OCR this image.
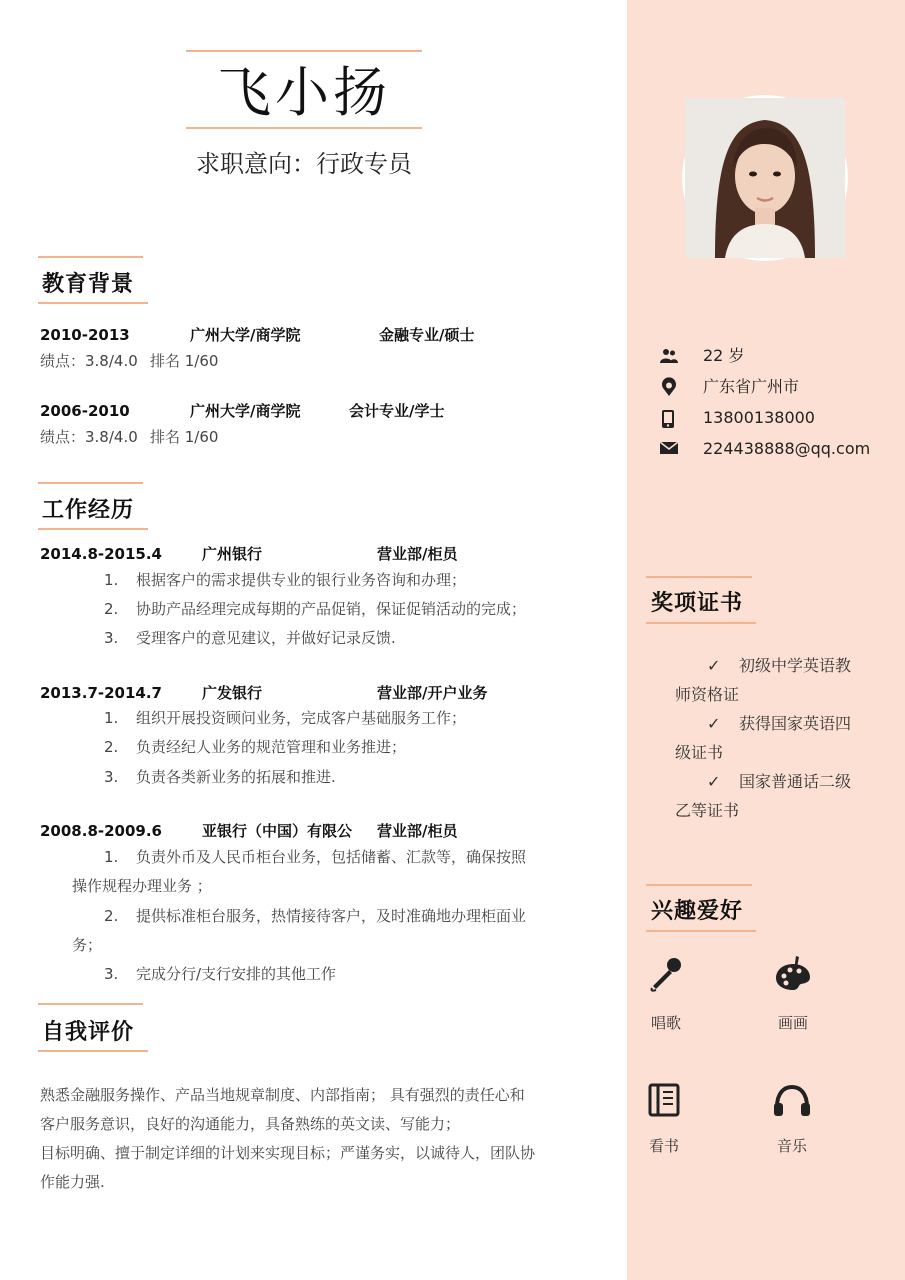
飞小扬
求职意向：行政专员
教育背景
2010-2013	广州大学/商学院	金融专业/硕士
绩点：3.8/4.0 排名 1/60
2006-2010	广州大学/商学院	会计专业/学士
绩点：3.8/4.0 排名 1/60
工作经历
2014.8-2015.4	广州银行	营业部/柜员
1. 根据客户的需求提供专业的银行业务咨询和办理；
2. 协助产品经理完成每期的产品促销，保证促销活动的完成；
3. 受理客户的意见建议，并做好记录反馈.
2013.7-2014.7	广发银行	营业部/开户业务
1. 组织开展投资顾问业务，完成客户基础服务工作；
2. 负责经纪人业务的规范管理和业务推进；
3. 负责各类新业务的拓展和推进.
2008.8-2009.6	亚银行（中国）有限公 营业部/柜员
1. 负责外币及人民币柜台业务，包括储蓄、汇款等，确保按照
操作规程办理业务 ；
2. 提供标准柜台服务，热情接待客户，及时准确地办理柜面业
务；
3. 完成分行/支行安排的其他工作
自我评价
熟悉金融服务操作、产品当地规章制度、内部指南； 具有强烈的责任心和
客户服务意识，良好的沟通能力，具备熟练的英文读、写能力；
目标明确、擅于制定详细的计划来实现目标；严谨务实，以诚待人，团队协
作能力强.
22 岁
广东省广州市
13800138000
224438888@qq.com
奖项证书
✓ 初级中学英语教
师资格证
✓ 获得国家英语四
级证书
✓ 国家普通话二级
乙等证书
兴趣爱好
唱歌	画画
看书	音乐
